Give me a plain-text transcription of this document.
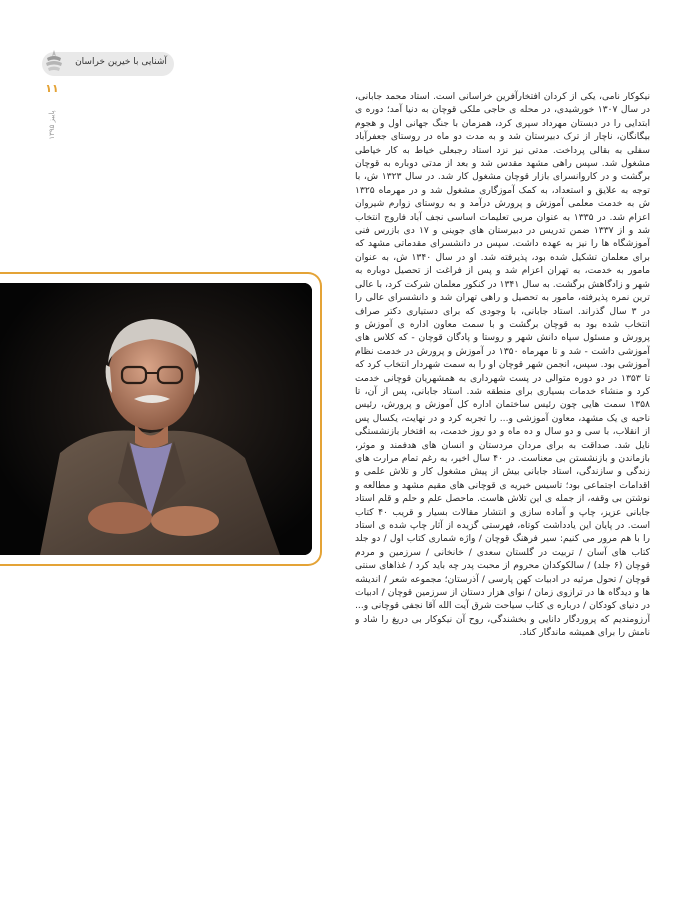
آشنایی با خیرین خراسان
۱۱
پاییز ۱۳۹۵
نیکوکار نامی، یکی از کردان افتخارآفرین خراسانی است. استاد محمد جابانی، در سال ۱۳۰۷ خورشیدی، در محله ی حاجی ملکی قوچان به دنیا آمد؛ دوره ی ابتدایی را در دبستان مهرداد سپری کرد، همزمان با جنگ جهانی اول و هجوم بیگانگان، ناچار از ترک دبیرستان شد و به مدت دو ماه در روستای جعفرآباد سفلی به بقالی پرداخت. مدتی نیز نزد استاد رجبعلی خیاط به کار خیاطی مشغول شد. سپس راهی مشهد مقدس شد و بعد از مدتی دوباره به قوچان برگشت و در کاروانسرای بازار قوچان مشغول کار شد. در سال ۱۳۲۳ ش، با توجه به علایق و استعداد، به کمک آموزگاری مشغول شد و در مهرماه ۱۳۲۵ ش به خدمت معلمی آموزش و پرورش درآمد و به روستای زوارم شیروان اعزام شد. در ۱۳۳۵ به عنوان مربی تعلیمات اساسی نجف آباد فاروج انتخاب شد و از ۱۳۳۷ ضمن تدریس در دبیرستان های جوینی و ۱۷ دی بازرس فنی آموزشگاه ها را نیز به عهده داشت. سپس در دانشسرای مقدماتی مشهد که برای معلمان تشکیل شده بود، پذیرفته شد. او در سال ۱۳۴۰ ش، به عنوان مامور به خدمت، به تهران اعزام شد و پس از فراغت از تحصیل دوباره به شهر و زادگاهش برگشت. به سال ۱۳۴۱ در کنکور معلمان شرکت کرد، با عالی ترین نمره پذیرفته، مامور به تحصیل و راهی تهران شد و دانشسرای عالی را در ۳ سال گذراند. استاد جابانی، با وجودی که برای دستیاری دکتر صراف انتخاب شده بود به قوچان برگشت و با سمت معاون اداره ی آموزش و پرورش و مسئول سپاه دانش شهر و روستا و پادگان قوچان - که کلاس های آموزشی داشت - شد و تا مهرماه ۱۳۵۰ در آموزش و پرورش در خدمت نظام آموزشی بود. سپس، انجمن شهر قوچان او را به سمت شهردار انتخاب کرد که تا ۱۳۵۳ در دو دوره متوالی در پست شهرداری به همشهریان قوچانی خدمت کرد و منشاء خدمات بسیاری برای منطقه شد. استاد جابانی، پس از آن، تا ۱۳۵۸ سمت هایی چون رئیس ساختمان اداره کل آموزش و پرورش، رئیس ناحیه ی یک مشهد، معاون آموزشی و... را تجربه کرد و در نهایت، یکسال پس از انقلاب، با سی و دو سال و ده ماه و دو روز خدمت، به افتخار بازنشستگی نایل شد. صداقت به برای مردان مردستان و انسان های هدفمند و موثر، بازماندن و بازنشستن بی معناست. در ۴۰ سال اخیر، به رغم تمام مرارت های زندگی و سازندگی، استاد جابانی بیش از پیش مشغول کار و تلاش علمی و اقدامات اجتماعی بود؛ تاسیس خیریه ی قوچانی های مقیم مشهد و مطالعه و نوشتن بی وقفه، از جمله ی این تلاش هاست. ماحصل علم و حلم و قلم استاد جابانی عزیز، چاپ و آماده سازی و انتشار مقالات بسیار و قریب ۴۰ کتاب است. در پایان این یادداشت کوتاه، فهرستی گزیده از آثار چاپ شده ی استاد را با هم مرور می کنیم: سیر فرهنگ قوچان / واژه شماری کتاب اول / دو جلد کتاب های آسان / تربیت در گلستان سعدی / خانخانی / سرزمین و مردم قوچان (۶ جلد) / سالکوکدان محروم از محبت پدر چه باید کرد / غذاهای سنتی قوچان / تحول مرثیه در ادبیات کهن پارسی / آذرستان؛ مجموعه شعر / اندیشه ها و دیدگاه ها در ترازوی زمان / نوای هزار دستان از سرزمین قوچان / ادبیات در دنیای کودکان / درباره ی کتاب سیاحت شرق آیت الله آقا نجفی قوچانی و... آرزومندیم که پروردگار دانایی و بخشندگی، روح آن نیکوکار بی دریغ را شاد و نامش را برای همیشه ماندگار کناد.
